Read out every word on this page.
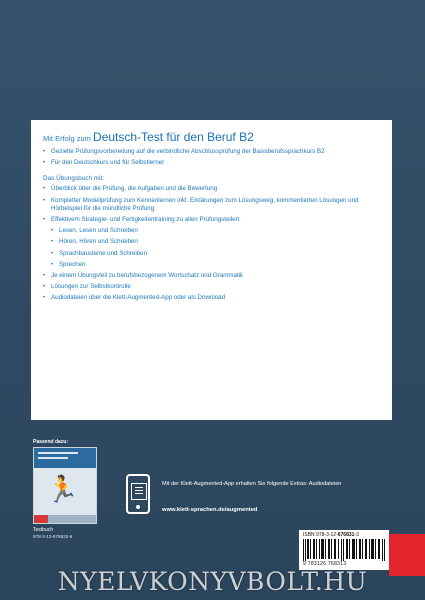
Mit Erfolg zum Deutsch-Test für den Beruf B2
• Gezielte Prüfungsvorbereitung auf die verbindliche Abschlussprüfung der Basisberufssprachkurs B2
• Für den Deutschkurs und für Selbstlerner
Das Übungsbuch mit:
• Überblick über die Prüfung, die Aufgaben und die Bewertung
• Kompletter Modellprüfung zum Kennenlernen inkl. Erklärungen zum Lösungsweg, kommentierten Lösungen und Hörbeispiel für die mündliche Prüfung
• Effektivem Strategie- und Fertigkeitentraining zu allen Prüfungsteilen:
• Lesen, Lesen und Schreiben
• Hören, Hören und Schreiben
• Sprachbausteine und Schreiben
• Sprechen
• Je einem Übungsteil zu berufsbezogenem Wortschatz und Grammatik
• Lösungen zur Selbstkontrolle
• Audiodateien über die Klett-Augmented-App oder als Download
Passend dazu:
🏃
Testbuch
978-3-12-676832-6
Mit der Klett-Augmented-App erhalten Sie folgende Extras: Audiodateien
www.klett-sprachen.de/augmented
ISBN 978-3-12-676831-3
9 783126 768313
NYELVKONYVBOLT.HU
